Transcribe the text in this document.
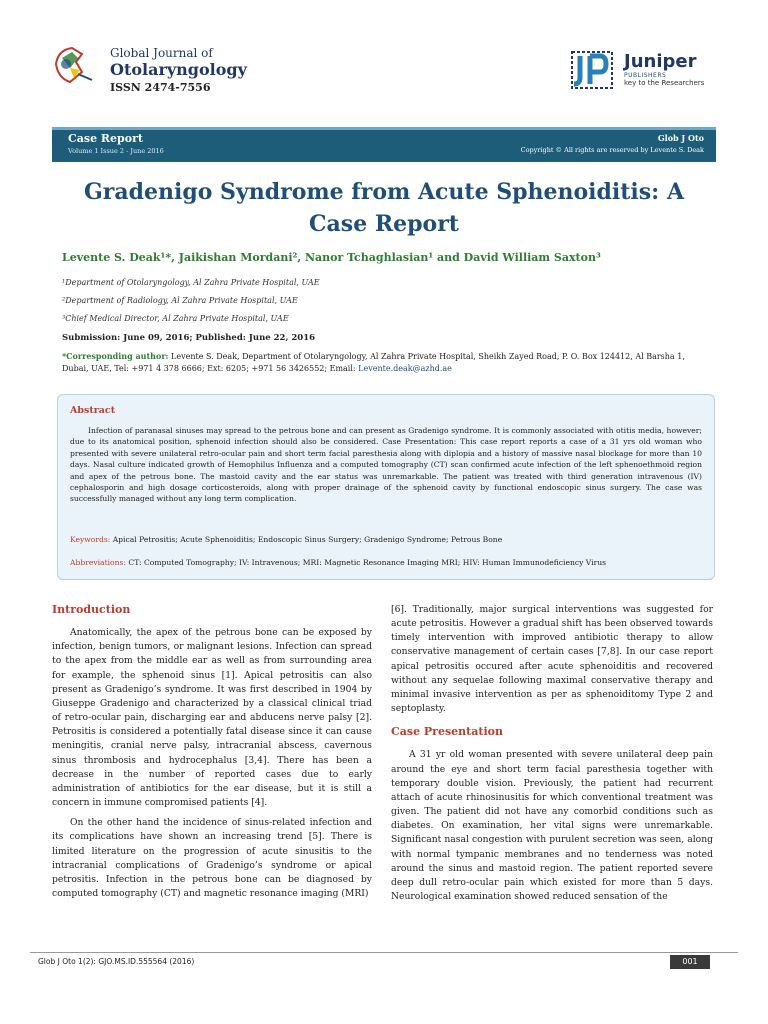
Global Journal of
Otolaryngology
ISSN 2474-7556
Juniper
PUBLISHERS
key to the Researchers
Case Report
Volume 1 Issue 2 - June 2016
Glob J Oto
Copyright © All rights are reserved by Levente S. Deak
Gradenigo Syndrome from Acute Sphenoiditis: A Case Report
Levente S. Deak¹*, Jaikishan Mordani², Nanor Tchaghlasian¹ and David William Saxton³
¹Department of Otolaryngology, Al Zahra Private Hospital, UAE
²Department of Radiology, Al Zahra Private Hospital, UAE
³Chief Medical Director, Al Zahra Private Hospital, UAE
Submission: June 09, 2016; Published: June 22, 2016
*Corresponding author: Levente S. Deak, Department of Otolaryngology, Al Zahra Private Hospital, Sheikh Zayed Road, P. O. Box 124412, Al Barsha 1, Dubai, UAE, Tel: +971 4 378 6666; Ext: 6205; +971 56 3426552; Email: Levente.deak@azhd.ae
Abstract
Infection of paranasal sinuses may spread to the petrous bone and can present as Gradenigo syndrome. It is commonly associated with otitis media, however; due to its anatomical position, sphenoid infection should also be considered. Case Presentation: This case report reports a case of a 31 yrs old woman who presented with severe unilateral retro-ocular pain and short term facial paresthesia along with diplopia and a history of massive nasal blockage for more than 10 days. Nasal culture indicated growth of Hemophilus Influenza and a computed tomography (CT) scan confirmed acute infection of the left sphenoethmoid region and apex of the petrous bone. The mastoid cavity and the ear status was unremarkable. The patient was treated with third generation intravenous (IV) cephalosporin and high dosage corticosteroids, along with proper drainage of the sphenoid cavity by functional endoscopic sinus surgery. The case was successfully managed without any long term complication.
Keywords: Apical Petrositis; Acute Sphenoiditis; Endoscopic Sinus Surgery; Gradenigo Syndrome; Petrous Bone
Abbreviations: CT: Computed Tomography; IV: Intravenous; MRI: Magnetic Resonance Imaging MRI; HIV: Human Immunodeficiency Virus
Introduction

Anatomically, the apex of the petrous bone can be exposed by infection, benign tumors, or malignant lesions. Infection can spread to the apex from the middle ear as well as from surrounding area for example, the sphenoid sinus [1]. Apical petrositis can also present as Gradenigo’s syndrome. It was first described in 1904 by Giuseppe Gradenigo and characterized by a classical clinical triad of retro-ocular pain, discharging ear and abducens nerve palsy [2]. Petrositis is considered a potentially fatal disease since it can cause meningitis, cranial nerve palsy, intracranial abscess, cavernous sinus thrombosis and hydrocephalus [3,4]. There has been a decrease in the number of reported cases due to early administration of antibiotics for the ear disease, but it is still a concern in immune compromised patients [4].

On the other hand the incidence of sinus-related infection and its complications have shown an increasing trend [5]. There is limited literature on the progression of acute sinusitis to the intracranial complications of Gradenigo’s syndrome or apical petrositis. Infection in the petrous bone can be diagnosed by computed tomography (CT) and magnetic resonance imaging (MRI)

[6]. Traditionally, major surgical interventions was suggested for acute petrositis. However a gradual shift has been observed towards timely intervention with improved antibiotic therapy to allow conservative management of certain cases [7,8]. In our case report apical petrositis occured after acute sphenoiditis and recovered without any sequelae following maximal conservative therapy and minimal invasive intervention as per as sphenoiditomy Type 2 and septoplasty.

Case Presentation

A 31 yr old woman presented with severe unilateral deep pain around the eye and short term facial paresthesia together with temporary double vision. Previously, the patient had recurrent attach of acute rhinosinusitis for which conventional treatment was given. The patient did not have any comorbid conditions such as diabetes. On examination, her vital signs were unremarkable. Significant nasal congestion with purulent secretion was seen, along with normal tympanic membranes and no tenderness was noted around the sinus and mastoid region. The patient reported severe deep dull retro-ocular pain which existed for more than 5 days. Neurological examination showed reduced sensation of the

Glob J Oto 1(2): GJO.MS.ID.555564 (2016)	001
